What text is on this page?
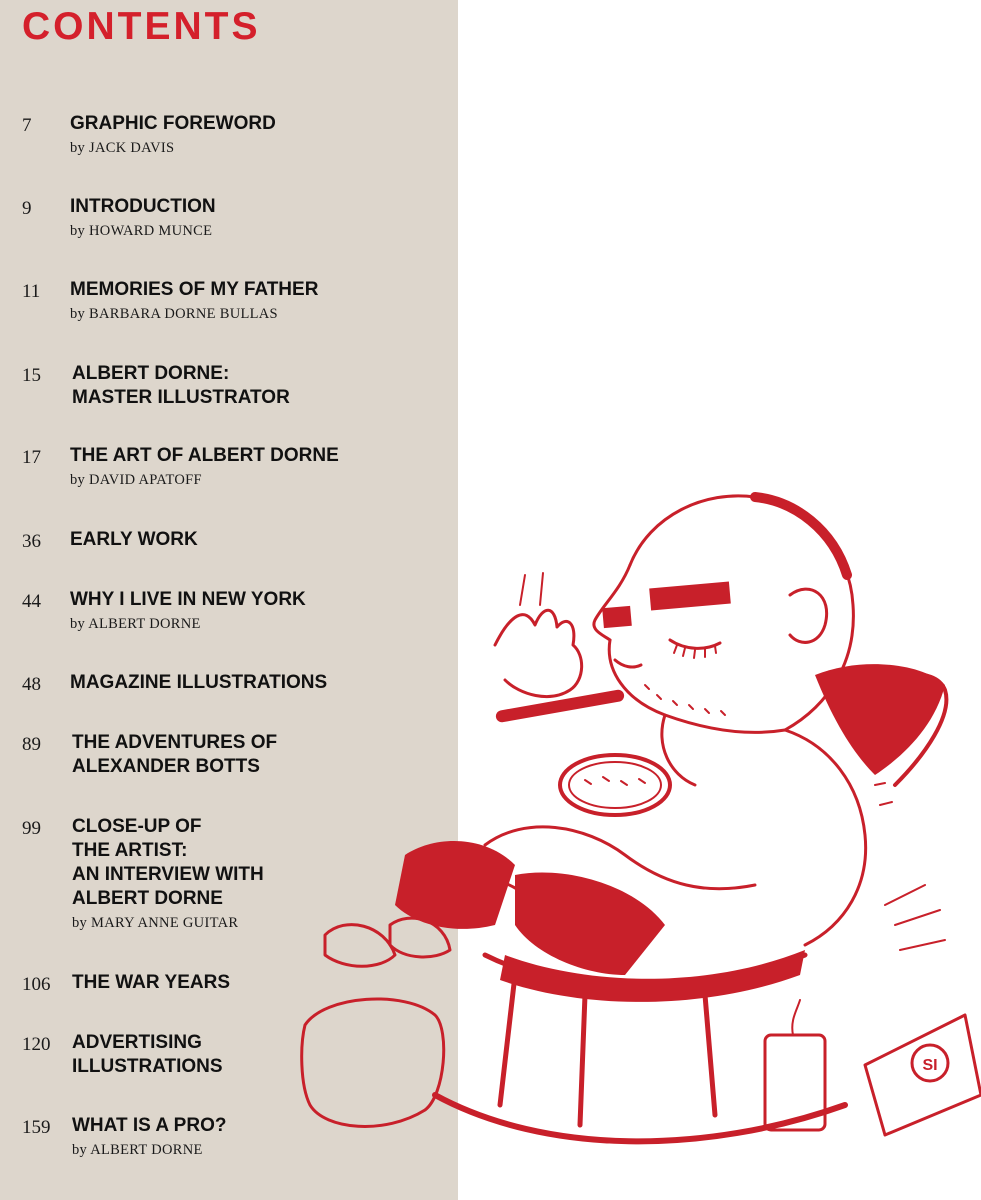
CONTENTS
7 GRAPHIC FOREWORD
by JACK DAVIS
9 INTRODUCTION
by HOWARD MUNCE
11 MEMORIES OF MY FATHER
by BARBARA DORNE BULLAS
15 ALBERT DORNE:
MASTER ILLUSTRATOR
17 THE ART OF ALBERT DORNE
by DAVID APATOFF
36 EARLY WORK
44 WHY I LIVE IN NEW YORK
by ALBERT DORNE
48 MAGAZINE ILLUSTRATIONS
89 THE ADVENTURES OF
ALEXANDER BOTTS
99 CLOSE-UP OF
THE ARTIST:
AN INTERVIEW WITH
ALBERT DORNE
by MARY ANNE GUITAR
106 THE WAR YEARS
120 ADVERTISING
ILLUSTRATIONS
159 WHAT IS A PRO?
by ALBERT DORNE
SI
